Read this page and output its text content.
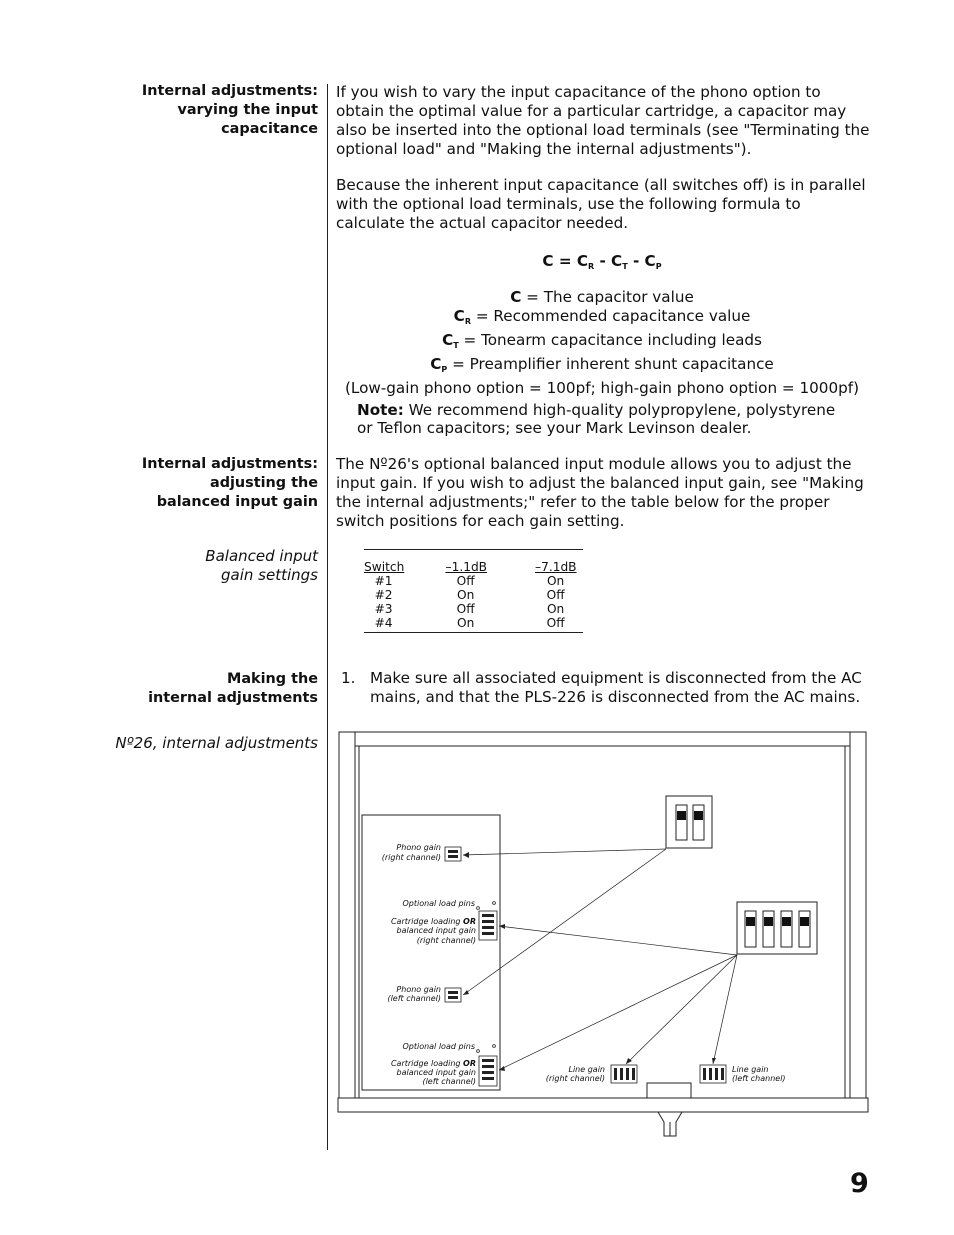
Internal adjustments:
varying the input
capacitance
Internal adjustments:
adjusting the
balanced input gain
Balanced input
gain settings
Making the
internal adjustments
Nº26, internal adjustments

If you wish to vary the input capacitance of the phono option to obtain the optimal value for a particular cartridge, a capacitor may also be inserted into the optional load terminals (see "Terminating the optional load" and "Making the internal adjustments").

Because the inherent input capacitance (all switches off) is in parallel with the optional load terminals, use the following formula to calculate the actual capacitor needed.

$C = C_R - C_T - C_P$
C = The capacitor value
$C_R$ = Recommended capacitance value
$C_T$ = Tonearm capacitance including leads
$C_P$ = Preamplifier inherent shunt capacitance
(Low-gain phono option = 100pf; high-gain phono option = 1000pf)
Note: We recommend high-quality polypropylene, polystyrene
or Teflon capacitors; see your Mark Levinson dealer.

The Nº26's optional balanced input module allows you to adjust the input gain. If you wish to adjust the balanced input gain, see "Making the internal adjustments;" refer to the table below for the proper switch positions for each gain setting.

Switch	–1.1dB	–7.1dB
#1	Off	On
#2	On	Off
#3	Off	On
#4	On	Off
1. Make sure all associated equipment is disconnected from the AC mains, and that the PLS-226 is disconnected from the AC mains.
Phono gain
(right channel)
Optional load pins
Cartridge loading OR
balanced input gain
(right channel)
Phono gain
(left channel)
Optional load pins
Cartridge loading OR
balanced input gain
(left channel)
Line gain
(right channel)
Line gain
(left channel)
9
